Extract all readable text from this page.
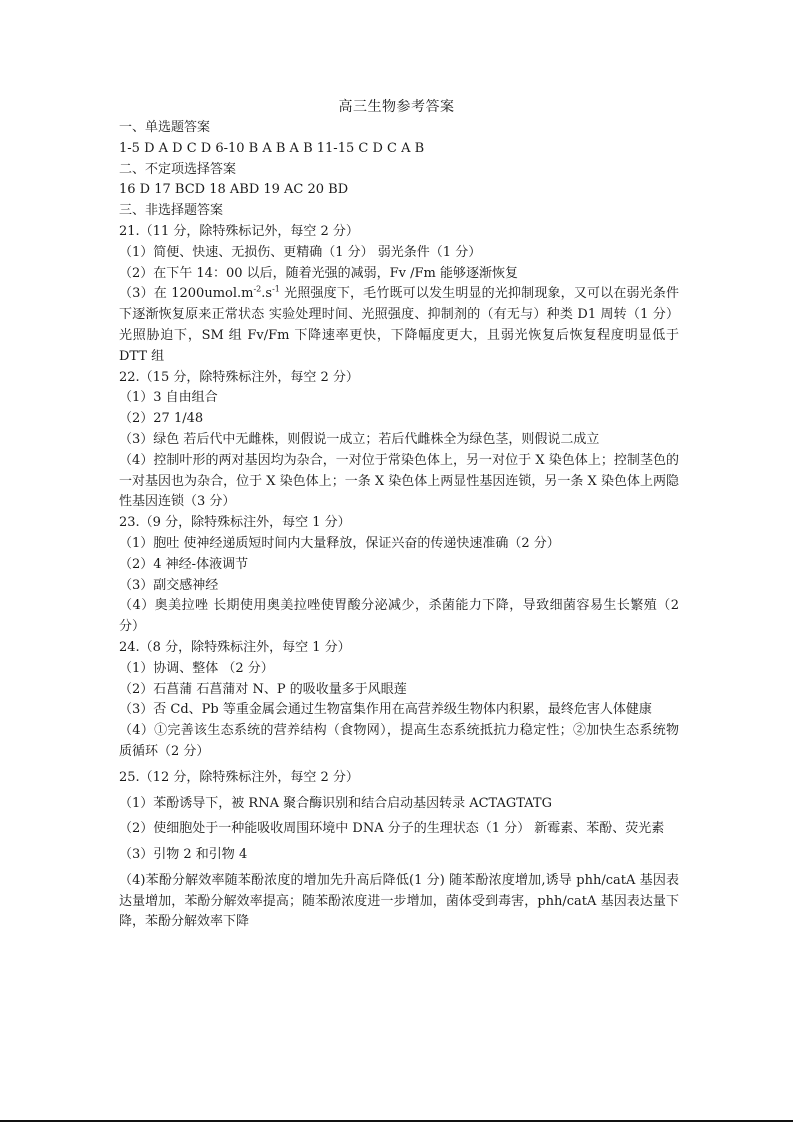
高三生物参考答案
一、单选题答案
1-5 D A D C D 6-10 B A B A B 11-15 C D C A B
二、不定项选择答案
16 D 17 BCD 18 ABD 19 AC 20 BD
三、非选择题答案
21.（11 分，除特殊标记外，每空 2 分）
（1）简便、快速、无损伤、更精确（1 分） 弱光条件（1 分）
（2）在下午 14：00 以后，随着光强的减弱，Fv /Fm 能够逐渐恢复
（3）在 $1200umol.m^{-2}.s^{-1}$ 光照强度下，毛竹既可以发生明显的光抑制现象，又可以在弱光条件下逐渐恢复原来正常状态 实验处理时间、光照强度、抑制剂的（有无与）种类 D1 周转（1 分） 光照胁迫下，SM 组 Fv/Fm 下降速率更快，下降幅度更大，且弱光恢复后恢复程度明显低于 DTT 组
22.（15 分，除特殊标注外，每空 2 分）
（1）3 自由组合
（2）27 1/48
（3）绿色 若后代中无雌株，则假说一成立；若后代雌株全为绿色茎，则假说二成立
（4）控制叶形的两对基因均为杂合，一对位于常染色体上，另一对位于 X 染色体上；控制茎色的一对基因也为杂合，位于 X 染色体上；一条 X 染色体上两显性基因连锁，另一条 X 染色体上两隐性基因连锁（3 分）
23.（9 分，除特殊标注外，每空 1 分）
（1）胞吐 使神经递质短时间内大量释放，保证兴奋的传递快速准确（2 分）
（2）4 神经-体液调节
（3）副交感神经
（4）奥美拉唑 长期使用奥美拉唑使胃酸分泌减少，杀菌能力下降，导致细菌容易生长繁殖（2 分）
24.（8 分，除特殊标注外，每空 1 分）
（1）协调、整体 （2 分）
（2）石菖蒲 石菖蒲对 N、P 的吸收量多于风眼莲
（3）否 Cd、Pb 等重金属会通过生物富集作用在高营养级生物体内积累，最终危害人体健康
（4）①完善该生态系统的营养结构（食物网），提高生态系统抵抗力稳定性；②加快生态系统物质循环（2 分）
25.（12 分，除特殊标注外，每空 2 分）
（1）苯酚诱导下，被 RNA 聚合酶识别和结合启动基因转录 ACTAGTATG
（2）使细胞处于一种能吸收周围环境中 DNA 分子的生理状态（1 分） 新霉素、苯酚、荧光素
（3）引物 2 和引物 4
（4)苯酚分解效率随苯酚浓度的增加先升高后降低(1 分) 随苯酚浓度增加,诱导 phh/catA 基因表达量增加，苯酚分解效率提高；随苯酚浓度进一步增加，菌体受到毒害，phh/catA 基因表达量下降，苯酚分解效率下降
